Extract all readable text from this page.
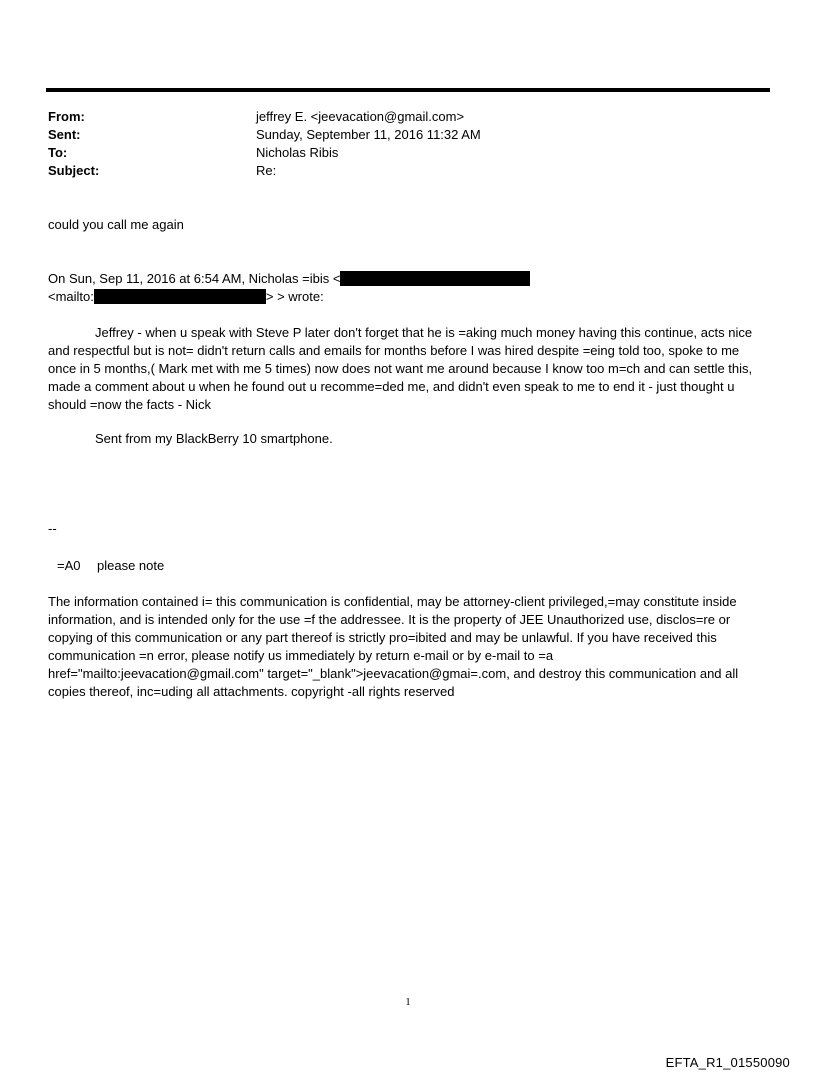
From:	jeffrey E. <jeevacation@gmail.com>
Sent:	Sunday, September 11, 2016 11:32 AM
To:	Nicholas Ribis
Subject:	Re:
could you call me again
On Sun, Sep 11, 2016 at 6:54 AM, Nicholas =ibis <
<mailto:	> > wrote:
Jeffrey - when u speak with Steve P later don't forget that he is =aking much money having this continue, acts nice and respectful but is not= didn't return calls and emails for months before I was hired despite =eing told too, spoke to me once in 5 months,( Mark met with me 5 times) now does not want me around because I know too m=ch and can settle this, made a comment about u when he found out u recomme=ded me, and didn't even speak to me to end it - just thought u should =now the facts - Nick
Sent from my BlackBerry 10 smartphone.
--
=A0 please note
The information contained i= this communication is confidential, may be attorney-client privileged,=may constitute inside information, and is intended only for the use =f the addressee. It is the property of JEE Unauthorized use, disclos=re or copying of this communication or any part thereof is strictly pro=ibited and may be unlawful. If you have received this communication =n error, please notify us immediately by return e-mail or by e-mail to =a href="mailto:jeevacation@gmail.com" target="_blank">jeevacation@gmai=.com, and destroy this communication and all copies thereof, inc=uding all attachments. copyright -all rights reserved
1
EFTA_R1_01550090
